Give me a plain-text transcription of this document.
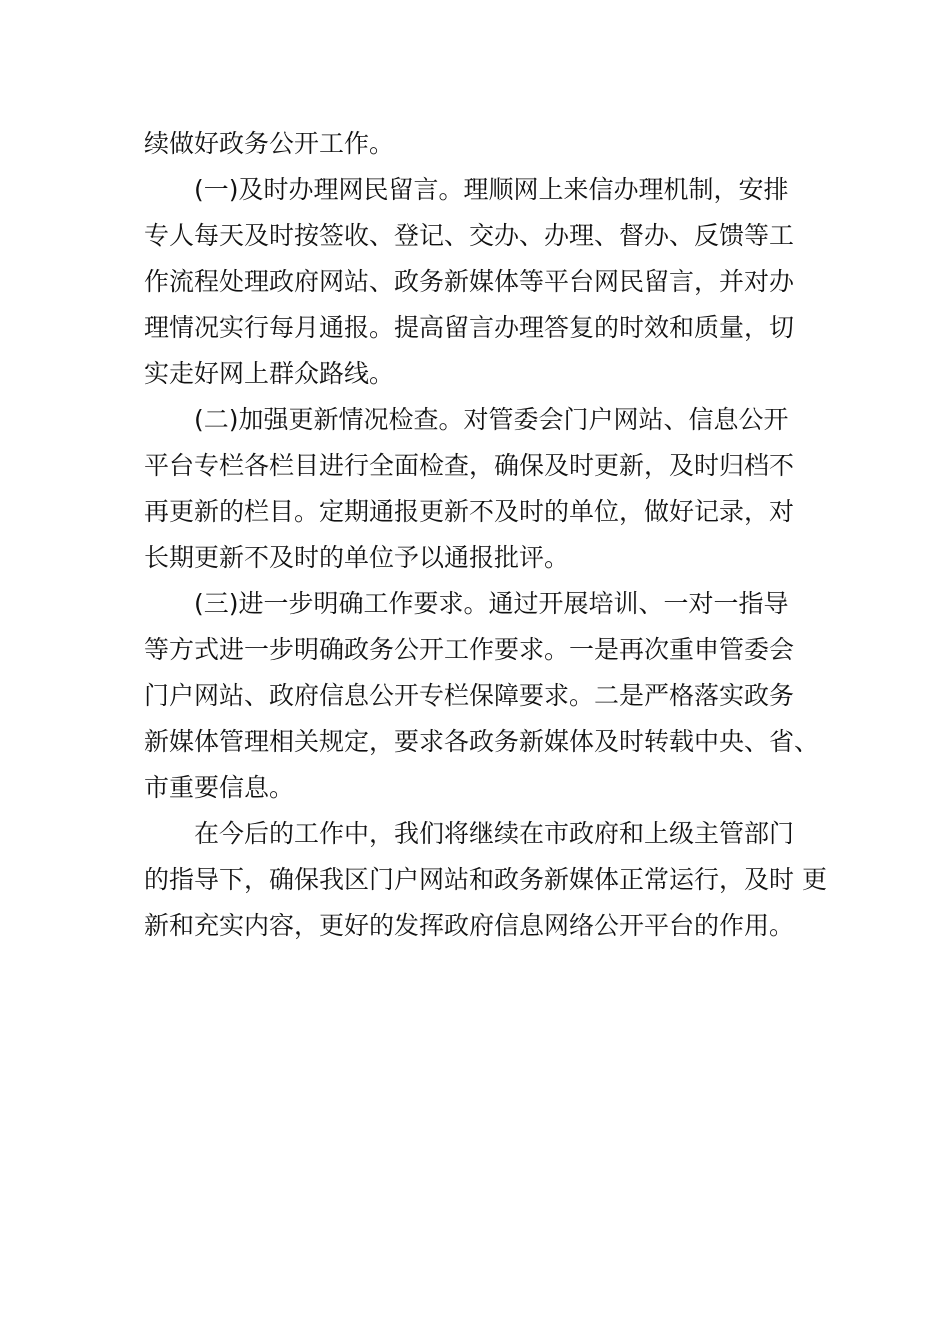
续做好政务公开工作。
(一)及时办理网民留言。理顺网上来信办理机制，安排
专人每天及时按签收、登记、交办、办理、督办、反馈等工
作流程处理政府网站、政务新媒体等平台网民留言，并对办
理情况实行每月通报。提高留言办理答复的时效和质量，切
实走好网上群众路线。
(二)加强更新情况检查。对管委会门户网站、信息公开
平台专栏各栏目进行全面检查，确保及时更新，及时归档不
再更新的栏目。定期通报更新不及时的单位，做好记录，对
长期更新不及时的单位予以通报批评。
(三)进一步明确工作要求。通过开展培训、一对一指导
等方式进一步明确政务公开工作要求。一是再次重申管委会
门户网站、政府信息公开专栏保障要求。二是严格落实政务
新媒体管理相关规定，要求各政务新媒体及时转载中央、省、
市重要信息。
在今后的工作中，我们将继续在市政府和上级主管部门
的指导下，确保我区门户网站和政务新媒体正常运行，及时 更
新和充实内容，更好的发挥政府信息网络公开平台的作用。
